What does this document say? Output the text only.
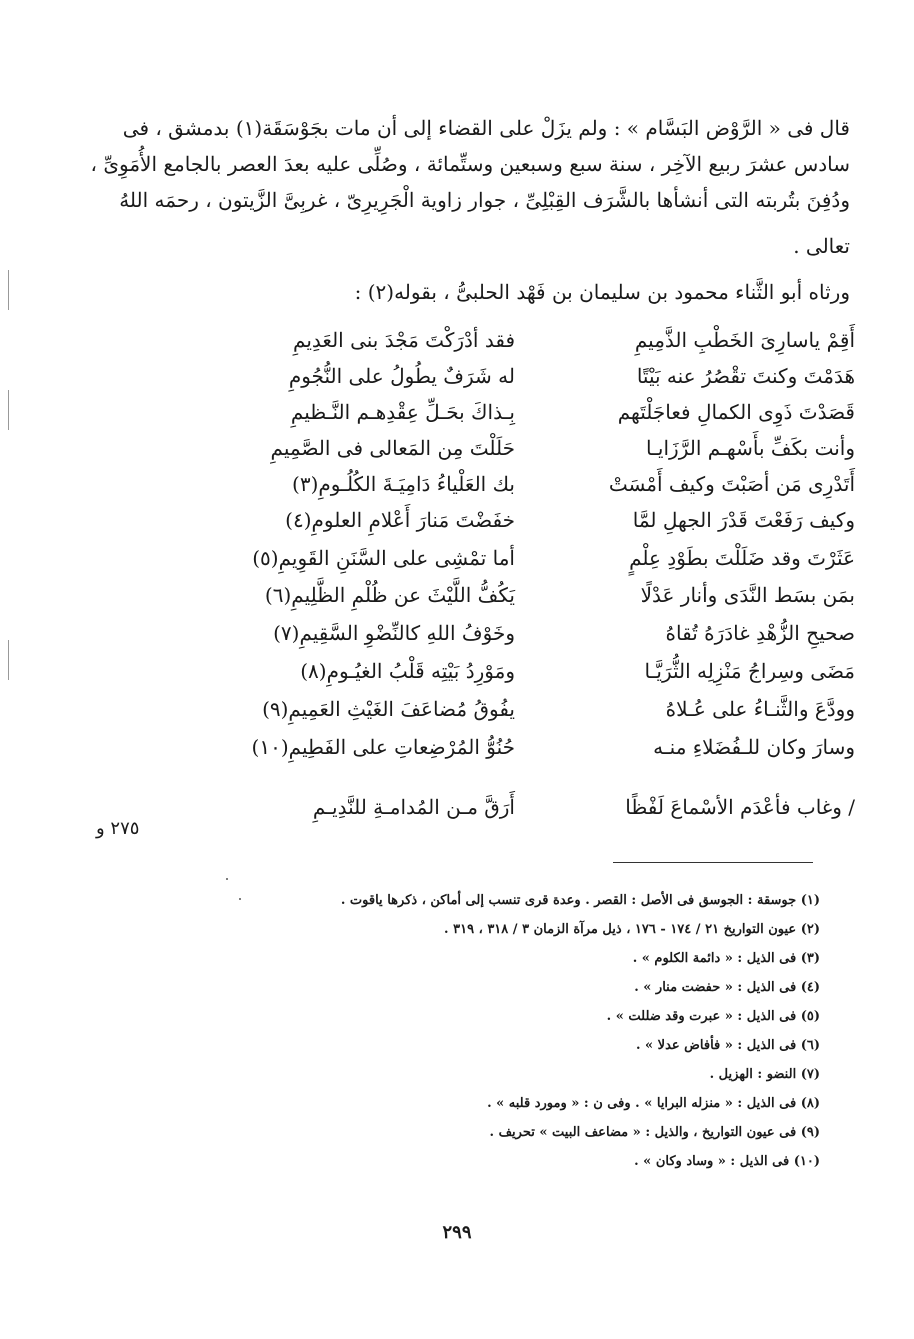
قال فى « الرَّوْض البَسَّام » : ولم يزَلْ على القضاء إلى أن مات بجَوْسَقَة(١) بدمشق ، فى
سادس عشرَ ربيع الآخِر ، سنة سبع وسبعين وستِّمائة ، وصُلِّى عليه بعدَ العصر بالجامع الأُمَوِىِّ ،
ودُفِنَ بتُربته التى أنشأها بالشَّرَف القِبْلِىِّ ، جوار زاوية الْجَرِيرِىّ ، غربِىَّ الزَّيتون ، رحمَه اللهُ
تعالى .
ورثاه أبو الثَّناء محمود بن سليمان بن فَهْد الحلبىُّ ، بقوله(٢) :
أَقِمْ ياسارِىَ الخَطْبِ الذَّمِيمِ
فقد أدْرَكْتَ مَجْدَ بنى العَدِيمِ
هَدَمْتَ وكنتَ تقْصُرُ عنه بَيْتًا
له شَرَفٌ يطُولُ على النُّجُومِ
قَصَدْتَ ذَوِى الكمالِ فعاجَلْتَهم
بِـذاكَ بحَـلِّ عِقْدِهـم النَّـظيمِ
وأنت بكَفِّ بأَسْهـم الرَّزَايـا
حَلَلْتَ مِن المَعالى فى الصَّمِيمِ
أَتَدْرِى مَن أصَبْتَ وكيف أَمْسَتْ
بك العَلْياءُ دَامِيَـةَ الكُلُـومِ(٣)
وكيف رَفَعْتَ قَدْرَ الجهلِ لمَّا
خفَضْتَ مَنارَ أَعْلامِ العلومِ(٤)
عَثَرْتَ وقد ضَلَلْتَ بطَوْدِ عِلْمٍ
أما تمْشِى على السَّنَنِ القَوِيمِ(٥)
بمَن بسَط النَّدَى وأنار عَدْلًا
يَكُفُّ اللَّيْثَ عن ظُلْمِ الظَّلِيمِ(٦)
صحيحِ الزُّهْدِ غادَرَهُ تُقاهُ
وخَوْفُ اللهِ كالنِّضْوِ السَّقِيمِ(٧)
مَضَى وسِراجُ مَنْزِلِه الثُّرَيَّـا
ومَوْرِدُ بَيْتِه قَلْبُ الغيُـومِ(٨)
وودَّعَ والثَّنـاءُ على عُـلاهُ
يفُوقُ مُضاعَفَ الغَيْثِ العَمِيمِ(٩)
وسارَ وكان للـفُضَلاءِ منـه
حُنُوُّ المُرْضِعاتِ على الفَطِيمِ(١٠)
/ وغاب فأعْدَم الأسْماعَ لَفْظًا
أَرَقَّ مـن المُدامـةِ للنَّدِيـمِ
٢٧٥ و
(١) جوسقة : الجوسق فى الأصل : القصر . وعدة قرى تنسب إلى أماكن ، ذكرها ياقوت .
(٢) عيون التواريخ ٢١ / ١٧٤ - ١٧٦ ، ذيل مرآة الزمان ٣ / ٣١٨ ، ٣١٩ .
(٣) فى الذيل : « دائمة الكلوم » .
(٤) فى الذيل : « حفضت منار » .
(٥) فى الذيل : « عبرت وقد ضللت » .
(٦) فى الذيل : « فأفاض عدلا » .
(٧) النضو : الهزيل .
(٨) فى الذيل : « منزله البرايا » . وفى ن : « ومورد قلبه » .
(٩) فى عيون التواريخ ، والذيل : « مضاعف البيت » تحريف .
(١٠) فى الذيل : « وساد وكان » .
٢٩٩
